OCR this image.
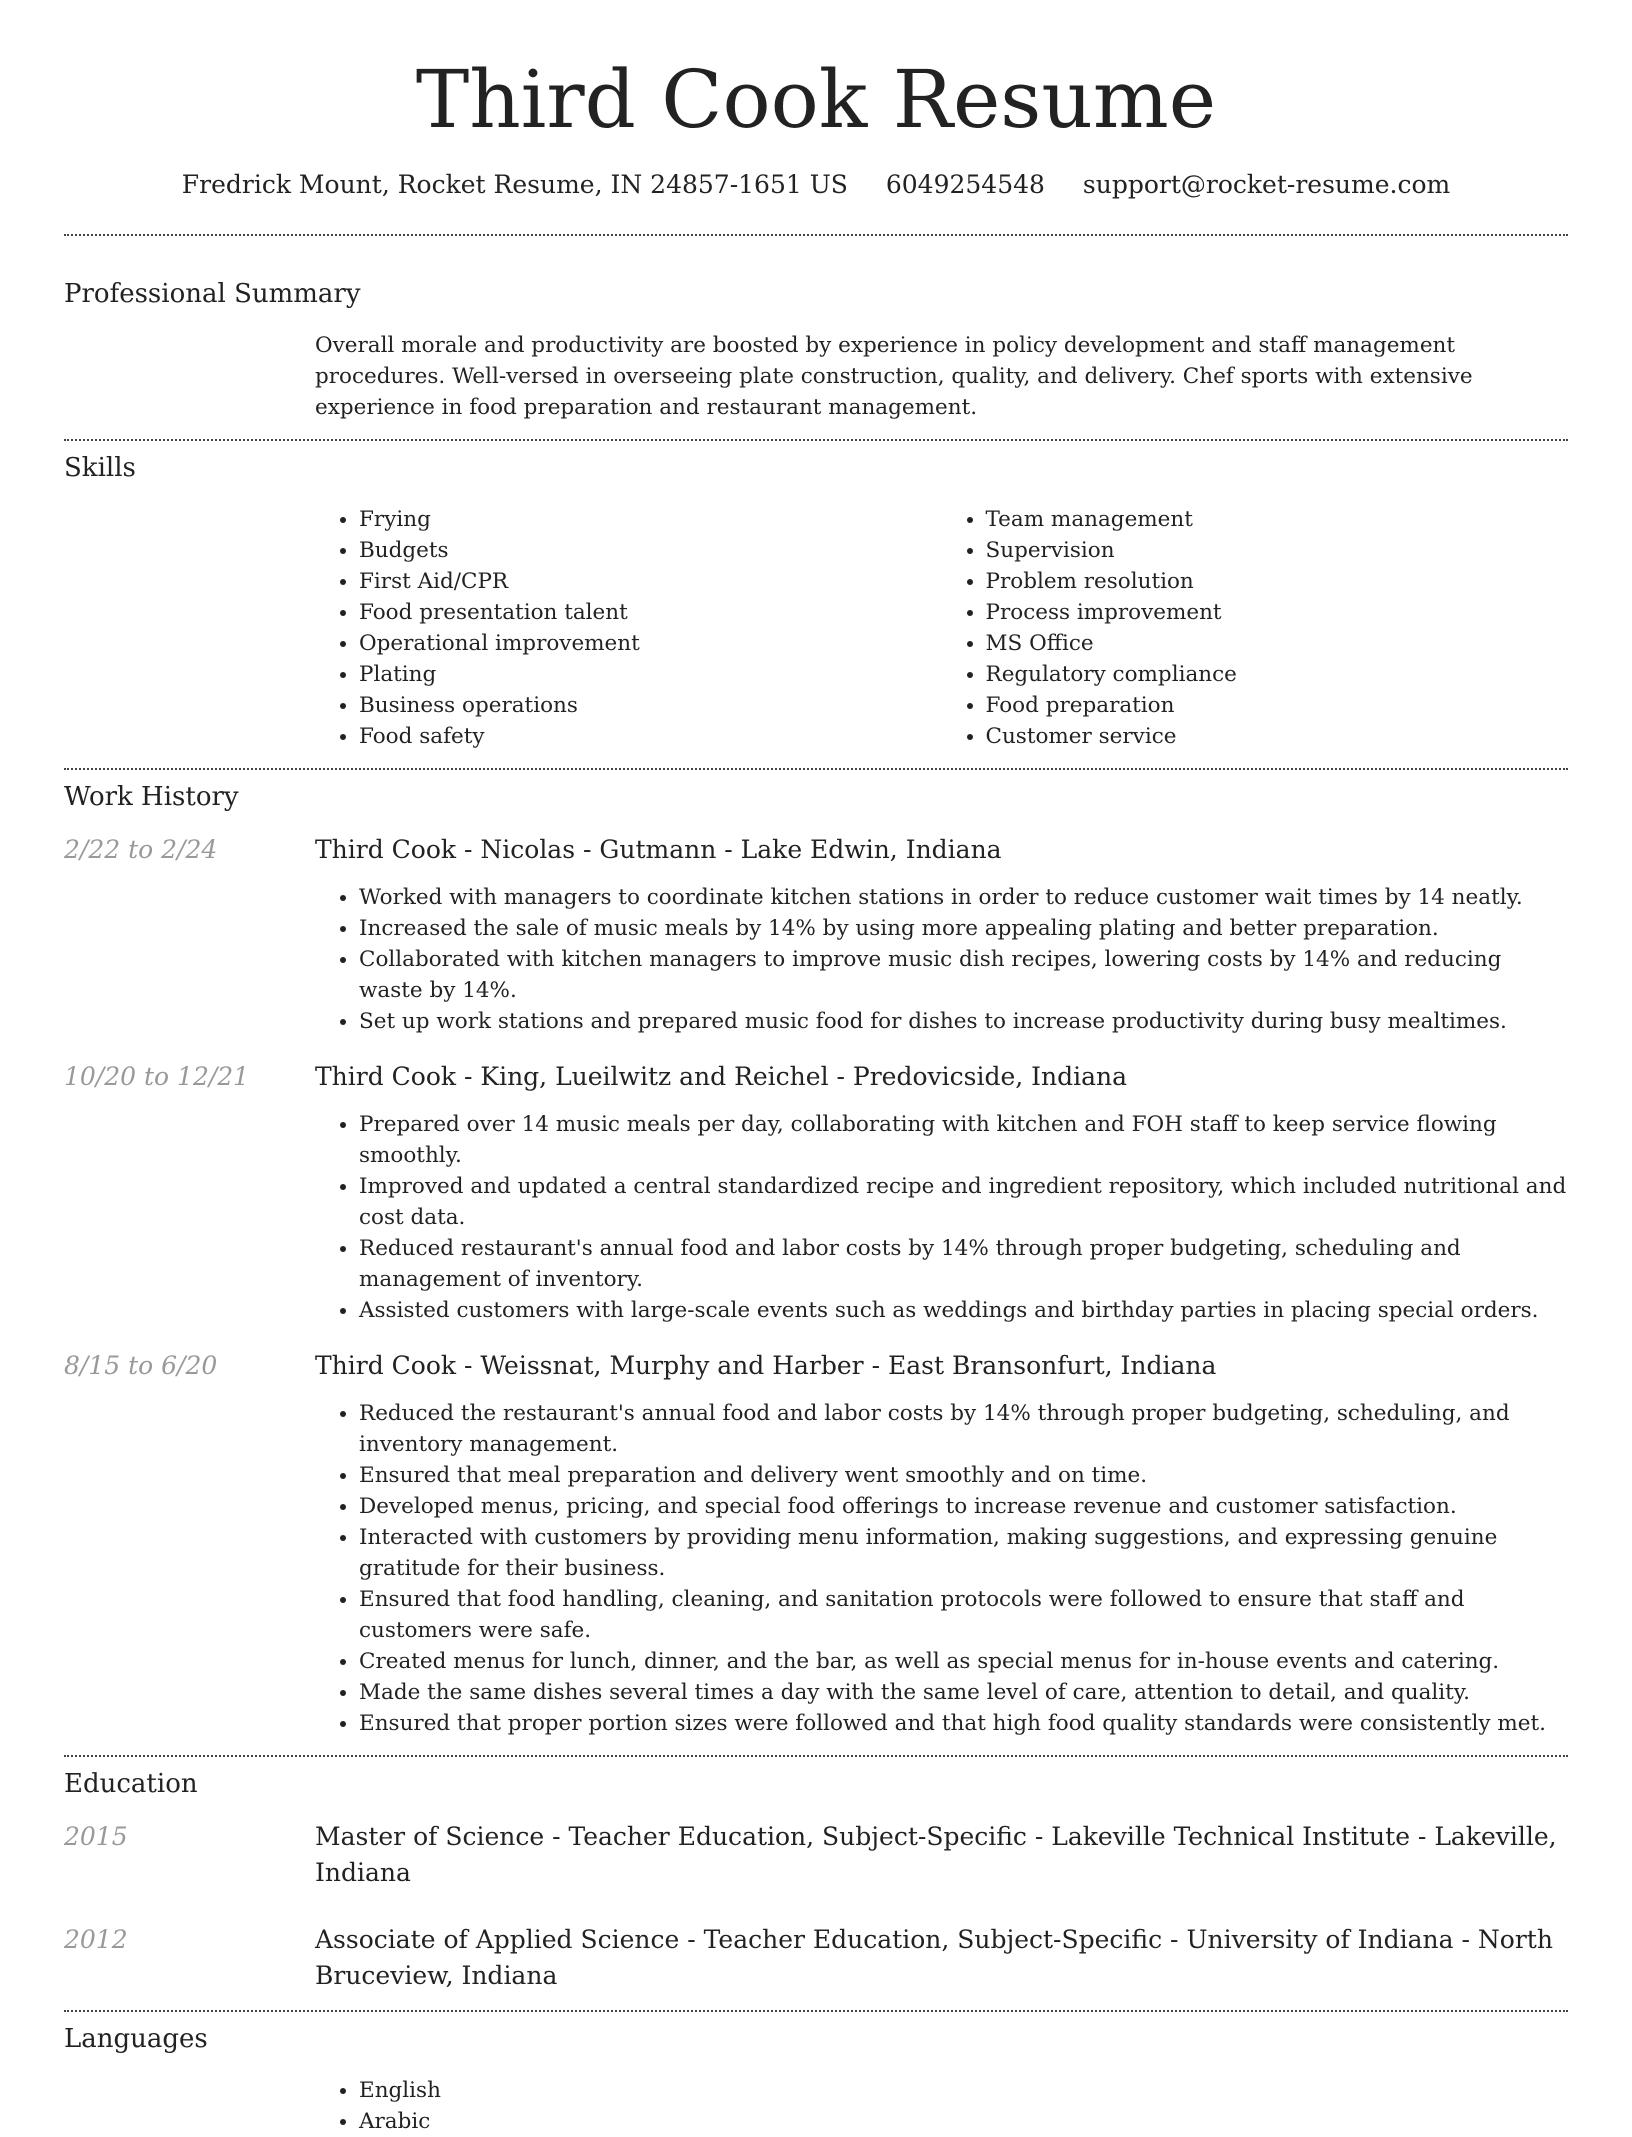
Third Cook Resume
Fredrick Mount, Rocket Resume, IN 24857-1651 US 6049254548 support@rocket-resume.com
Professional Summary
Overall morale and productivity are boosted by experience in policy development and staff management procedures. Well-versed in overseeing plate construction, quality, and delivery. Chef sports with extensive experience in food preparation and restaurant management.
Skills
• Frying
• Budgets
• First Aid/CPR
• Food presentation talent
• Operational improvement
• Plating
• Business operations
• Food safety
• Team management
• Supervision
• Problem resolution
• Process improvement
• MS Office
• Regulatory compliance
• Food preparation
• Customer service
Work History
2/22 to 2/24	Third Cook - Nicolas - Gutmann - Lake Edwin, Indiana
• Worked with managers to coordinate kitchen stations in order to reduce customer wait times by 14 neatly.
• Increased the sale of music meals by 14% by using more appealing plating and better preparation.
• Collaborated with kitchen managers to improve music dish recipes, lowering costs by 14% and reducing waste by 14%.
• Set up work stations and prepared music food for dishes to increase productivity during busy mealtimes.
10/20 to 12/21	Third Cook - King, Lueilwitz and Reichel - Predovicside, Indiana
• Prepared over 14 music meals per day, collaborating with kitchen and FOH staff to keep service flowing smoothly.
• Improved and updated a central standardized recipe and ingredient repository, which included nutritional and cost data.
• Reduced restaurant's annual food and labor costs by 14% through proper budgeting, scheduling and management of inventory.
• Assisted customers with large-scale events such as weddings and birthday parties in placing special orders.
8/15 to 6/20	Third Cook - Weissnat, Murphy and Harber - East Bransonfurt, Indiana
• Reduced the restaurant's annual food and labor costs by 14% through proper budgeting, scheduling, and inventory management.
• Ensured that meal preparation and delivery went smoothly and on time.
• Developed menus, pricing, and special food offerings to increase revenue and customer satisfaction.
• Interacted with customers by providing menu information, making suggestions, and expressing genuine gratitude for their business.
• Ensured that food handling, cleaning, and sanitation protocols were followed to ensure that staff and customers were safe.
• Created menus for lunch, dinner, and the bar, as well as special menus for in-house events and catering.
• Made the same dishes several times a day with the same level of care, attention to detail, and quality.
• Ensured that proper portion sizes were followed and that high food quality standards were consistently met.
Education
2015	Master of Science - Teacher Education, Subject-Specific - Lakeville Technical Institute - Lakeville, Indiana
2012	Associate of Applied Science - Teacher Education, Subject-Specific - University of Indiana - North Bruceview, Indiana
Languages
• English
• Arabic
